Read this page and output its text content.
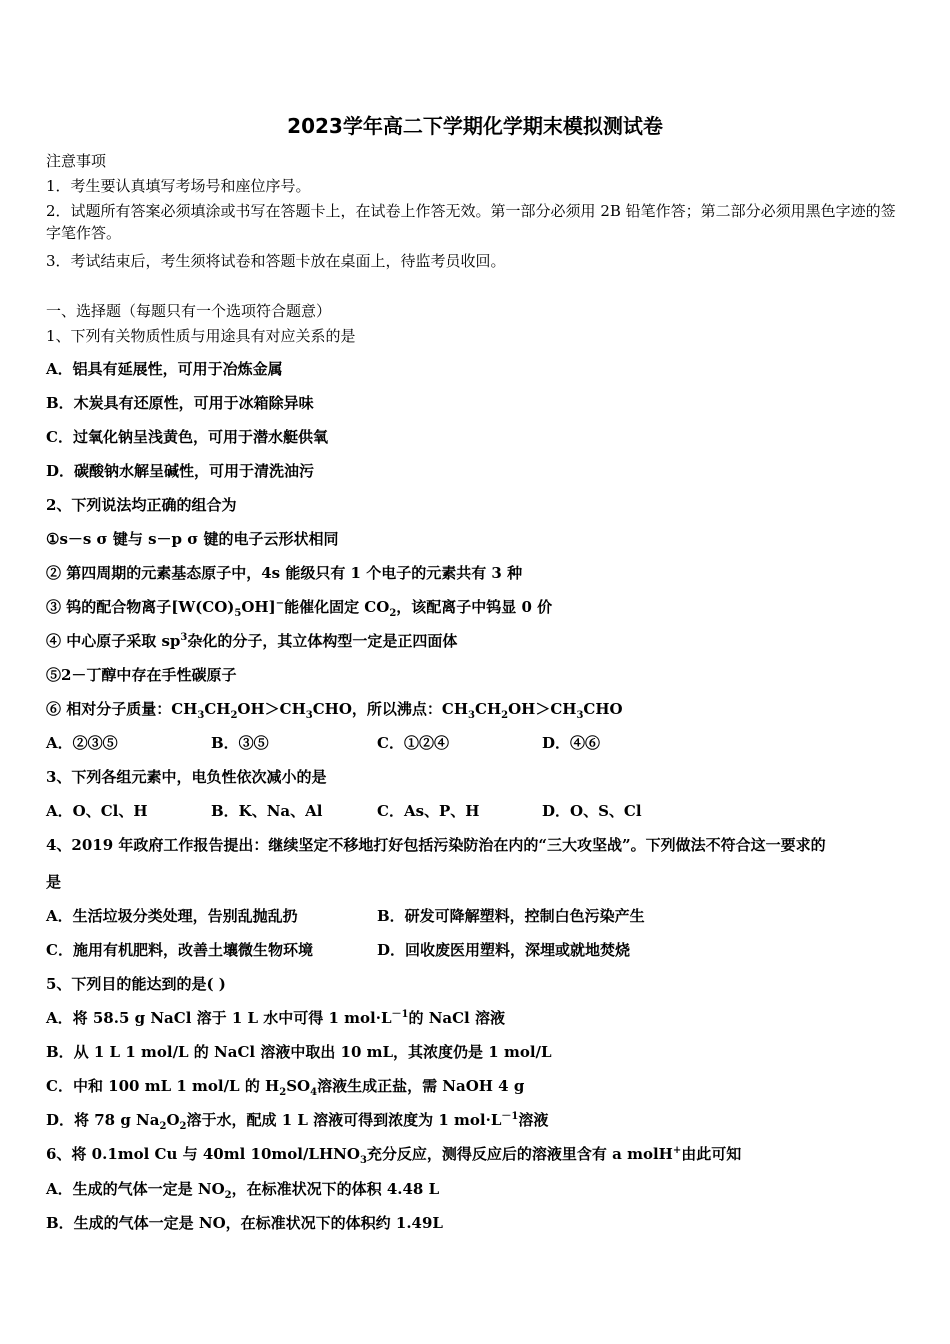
2023学年高二下学期化学期末模拟测试卷
注意事项
1．考生要认真填写考场号和座位序号。
2．试题所有答案必须填涂或书写在答题卡上，在试卷上作答无效。第一部分必须用 2B 铅笔作答；第二部分必须用黑色字迹的签字笔作答。
3．考试结束后，考生须将试卷和答题卡放在桌面上，待监考员收回。
一、选择题（每题只有一个选项符合题意）
1、下列有关物质性质与用途具有对应关系的是
A．铝具有延展性，可用于冶炼金属
B．木炭具有还原性，可用于冰箱除异味
C．过氧化钠呈浅黄色，可用于潜水艇供氧
D．碳酸钠水解呈碱性，可用于清洗油污
2、下列说法均正确的组合为
①s－s σ 键与 s－p σ 键的电子云形状相同
② 第四周期的元素基态原子中，4s 能级只有 1 个电子的元素共有 3 种
③ 钨的配合物离子$[W(CO)_5OH]^-$能催化固定 $CO_2$，该配离子中钨显 0 价
④ 中心原子采取 $sp^3$杂化的分子，其立体构型一定是正四面体
⑤2－丁醇中存在手性碳原子
⑥ 相对分子质量：$CH_3CH_2OH>CH_3CHO$，所以沸点：$CH_3CH_2OH>CH_3CHO$
A．②③⑤	B．③⑤	C．①②④	D．④⑥
3、下列各组元素中，电负性依次减小的是
A．O、Cl、H	B．K、Na、Al	C．As、P、H	D．O、S、Cl
4、2019 年政府工作报告提出：继续坚定不移地打好包括污染防治在内的“三大攻坚战”。下列做法不符合这一要求的
是
A．生活垃圾分类处理，告别乱抛乱扔	B．研发可降解塑料，控制白色污染产生
C．施用有机肥料，改善土壤微生物环境	D．回收废医用塑料，深埋或就地焚烧
5、下列目的能达到的是( )
A．将 58.5 g NaCl 溶于 1 L 水中可得 1 $mol\cdot L^{-1}$的 NaCl 溶液
B．从 1 L 1 mol/L 的 NaCl 溶液中取出 10 mL，其浓度仍是 1 mol/L
C．中和 100 mL 1 mol/L 的 $H_2SO_4$溶液生成正盐，需 NaOH 4 g
D．将 78 g $Na_2O_2$溶于水，配成 1 L 溶液可得到浓度为 1 $mol\cdot L^{-1}$溶液
6、将 0.1mol Cu 与 40ml $10mol/LHNO_3$充分反应，测得反应后的溶液里含有 a molH+由此可知
A．生成的气体一定是 $NO_2$，在标准状况下的体积 4.48 L
B．生成的气体一定是 NO，在标准状况下的体积约 1.49L
